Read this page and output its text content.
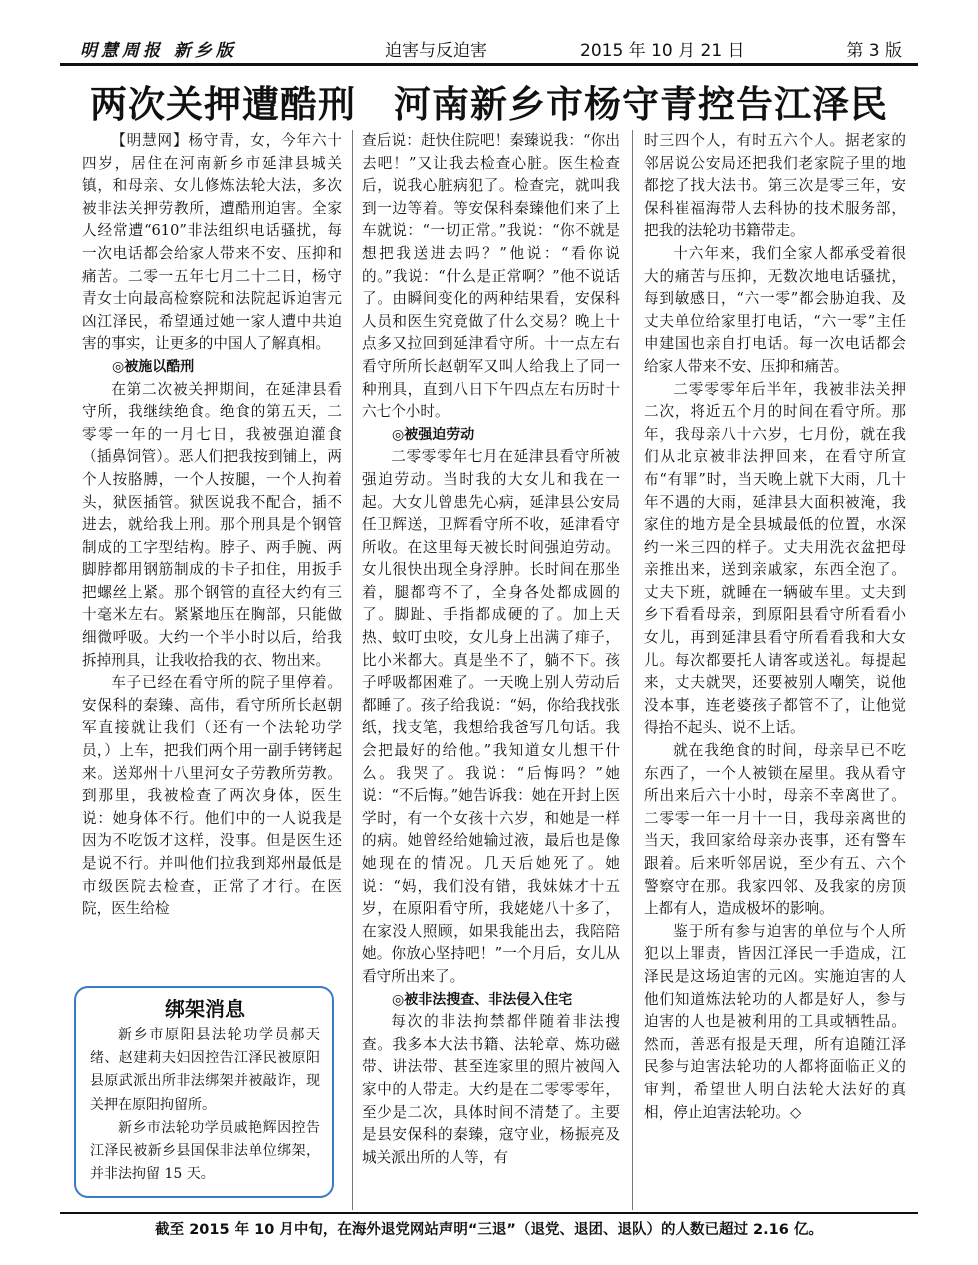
明慧周报 新乡版	迫害与反迫害	2015 年 10 月 21 日	第 3 版
两次关押遭酷刑　河南新乡市杨守青控告江泽民

【明慧网】杨守青，女，今年六十四岁，居住在河南新乡市延津县城关镇，和母亲、女儿修炼法轮大法，多次被非法关押劳教所，遭酷刑迫害。全家人经常遭“610”非法组织电话骚扰，每一次电话都会给家人带来不安、压抑和痛苦。二零一五年七月二十二日，杨守青女士向最高检察院和法院起诉迫害元凶江泽民，希望通过她一家人遭中共迫害的事实，让更多的中国人了解真相。

◎被施以酷刑

在第二次被关押期间，在延津县看守所，我继续绝食。绝食的第五天，二零零一年的一月七日，我被强迫灌食（插鼻饲管）。恶人们把我按到铺上，两个人按胳膊，一个人按腿，一个人拘着头，狱医插管。狱医说我不配合，插不进去，就给我上刑。那个刑具是个钢管制成的工字型结构。脖子、两手腕、两脚脖都用钢筋制成的卡子扣住，用扳手把螺丝上紧。那个钢管的直径大约有三十毫米左右。紧紧地压在胸部，只能做细微呼吸。大约一个半小时以后，给我拆掉刑具，让我收拾我的衣、物出来。

车子已经在看守所的院子里停着。安保科的秦臻、高伟，看守所所长赵朝军直接就让我们（还有一个法轮功学员，）上车，把我们两个用一副手铐铐起来。送郑州十八里河女子劳教所劳教。到那里，我被检查了两次身体，医生说：她身体不行。他们中的一人说我是因为不吃饭才这样，没事。但是医生还是说不行。并叫他们拉我到郑州最低是市级医院去检查，正常了才行。在医院，医生给检

查后说：赶快住院吧！秦臻说我：“你出去吧！”又让我去检查心脏。医生检查后，说我心脏病犯了。检查完，就叫我到一边等着。等安保科秦臻他们来了上车就说：“一切正常。”我说：“你不就是想把我送进去吗？”他说：“看你说的。”我说：“什么是正常啊？”他不说话了。由瞬间变化的两种结果看，安保科人员和医生究竟做了什么交易？晚上十点多又拉回到延津看守所。十一点左右看守所所长赵朝军又叫人给我上了同一种刑具，直到八日下午四点左右历时十六七个小时。

◎被强迫劳动

二零零零年七月在延津县看守所被强迫劳动。当时我的大女儿和我在一起。大女儿曾患先心病，延津县公安局任卫辉送，卫辉看守所不收，延津看守所收。在这里每天被长时间强迫劳动。女儿很快出现全身浮肿。长时间在那坐着，腿都弯不了，全身各处都成圆的了。脚趾、手指都成硬的了。加上天热、蚊叮虫咬，女儿身上出满了痱子，比小米都大。真是坐不了，躺不下。孩子呼吸都困难了。一天晚上别人劳动后都睡了。孩子给我说：“妈，你给我找张纸，找支笔，我想给我爸写几句话。我会把最好的给他。”我知道女儿想干什么。我哭了。我说：“后悔吗？”她说：“不后悔。”她告诉我：她在开封上医学时，有一个女孩十六岁，和她是一样的病。她曾经给她输过液，最后也是像她现在的情况。几天后她死了。她说：“妈，我们没有错，我妹妹才十五岁，在原阳看守所，我姥姥八十多了，在家没人照顾，如果我能出去，我陪陪她。你放心坚持吧！”一个月后，女儿从看守所出来了。

◎被非法搜查、非法侵入住宅

每次的非法拘禁都伴随着非法搜查。我多本大法书籍、法轮章、炼功磁带、讲法带、甚至连家里的照片被闯入家中的人带走。大约是在二零零零年，至少是二次，具体时间不清楚了。主要是县安保科的秦臻，寇守业，杨振亮及城关派出所的人等，有

时三四个人，有时五六个人。据老家的邻居说公安局还把我们老家院子里的地都挖了找大法书。第三次是零三年，安保科崔福海带人去科协的技术服务部，把我的法轮功书籍带走。

十六年来，我们全家人都承受着很大的痛苦与压抑，无数次地电话骚扰，每到敏感日，“六一零”都会胁迫我、及丈夫单位给家里打电话，“六一零”主任申建国也亲自打电话。每一次电话都会给家人带来不安、压抑和痛苦。

二零零零年后半年，我被非法关押二次，将近五个月的时间在看守所。那年，我母亲八十六岁，七月份，就在我们从北京被非法押回来，在看守所宣布“有罪”时，当天晚上就下大雨，几十年不遇的大雨，延津县大面积被淹，我家住的地方是全县城最低的位置，水深约一米三四的样子。丈夫用洗衣盆把母亲推出来，送到亲戚家，东西全泡了。丈夫下班，就睡在一辆破车里。丈夫到乡下看看母亲，到原阳县看守所看看小女儿，再到延津县看守所看看我和大女儿。每次都要托人请客或送礼。每提起来，丈夫就哭，还要被别人嘲笑，说他没本事，连老婆孩子都管不了，让他觉得抬不起头、说不上话。

就在我绝食的时间，母亲早已不吃东西了，一个人被锁在屋里。我从看守所出来后六十小时，母亲不幸离世了。二零零一年一月十一日，我母亲离世的当天，我回家给母亲办丧事，还有警车跟着。后来听邻居说，至少有五、六个警察守在那。我家四邻、及我家的房顶上都有人，造成极坏的影响。

鉴于所有参与迫害的单位与个人所犯以上罪责，皆因江泽民一手造成，江泽民是这场迫害的元凶。实施迫害的人他们知道炼法轮功的人都是好人，参与迫害的人也是被利用的工具或牺牲品。然而，善恶有报是天理，所有追随江泽民参与迫害法轮功的人都将面临正义的审判，希望世人明白法轮大法好的真相，停止迫害法轮功。◇

绑架消息

新乡市原阳县法轮功学员郝天绪、赵建莉夫妇因控告江泽民被原阳县原武派出所非法绑架并被敲诈，现关押在原阳拘留所。

新乡市法轮功学员戚艳辉因控告江泽民被新乡县国保非法单位绑架，并非法拘留 15 天。

截至 2015 年 10 月中旬，在海外退党网站声明“三退”（退党、退团、退队）的人数已超过 2.16 亿。
